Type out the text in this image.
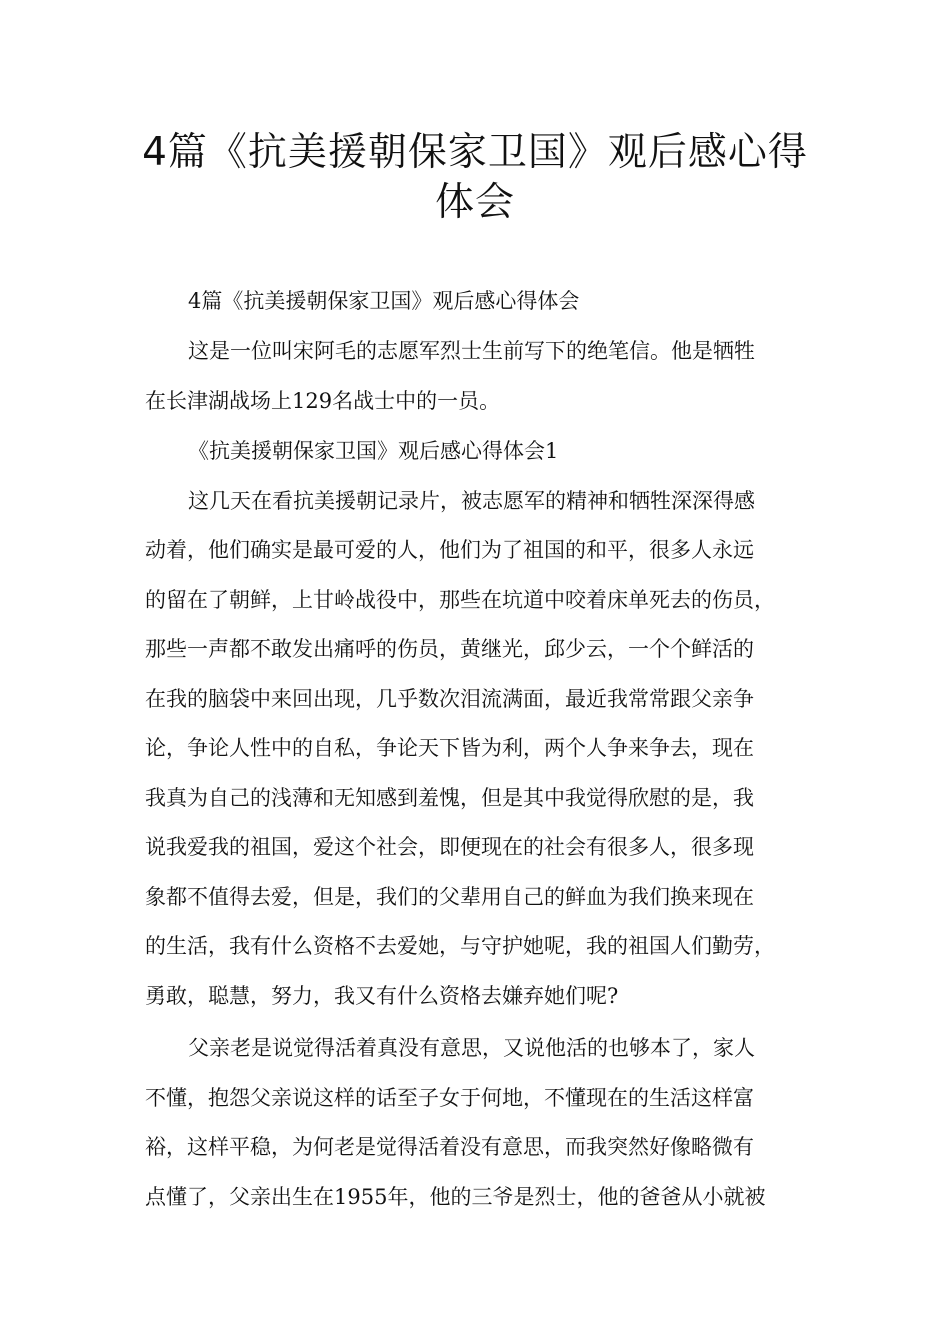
4篇《抗美援朝保家卫国》观后感心得
体会

4篇《抗美援朝保家卫国》观后感心得体会

这是一位叫宋阿毛的志愿军烈士生前写下的绝笔信。他是牺牲

在长津湖战场上129名战士中的一员。

《抗美援朝保家卫国》观后感心得体会1

这几天在看抗美援朝记录片，被志愿军的精神和牺牲深深得感

动着，他们确实是最可爱的人，他们为了祖国的和平，很多人永远

的留在了朝鲜，上甘岭战役中，那些在坑道中咬着床单死去的伤员，

那些一声都不敢发出痛呼的伤员，黄继光，邱少云，一个个鲜活的

在我的脑袋中来回出现，几乎数次泪流满面，最近我常常跟父亲争

论，争论人性中的自私，争论天下皆为利，两个人争来争去，现在

我真为自己的浅薄和无知感到羞愧，但是其中我觉得欣慰的是，我

说我爱我的祖国，爱这个社会，即便现在的社会有很多人，很多现

象都不值得去爱，但是，我们的父辈用自己的鲜血为我们换来现在

的生活，我有什么资格不去爱她，与守护她呢，我的祖国人们勤劳，

勇敢，聪慧，努力，我又有什么资格去嫌弃她们呢?

父亲老是说觉得活着真没有意思，又说他活的也够本了，家人

不懂，抱怨父亲说这样的话至子女于何地，不懂现在的生活这样富

裕，这样平稳，为何老是觉得活着没有意思，而我突然好像略微有

点懂了，父亲出生在1955年，他的三爷是烈士，他的爸爸从小就被
